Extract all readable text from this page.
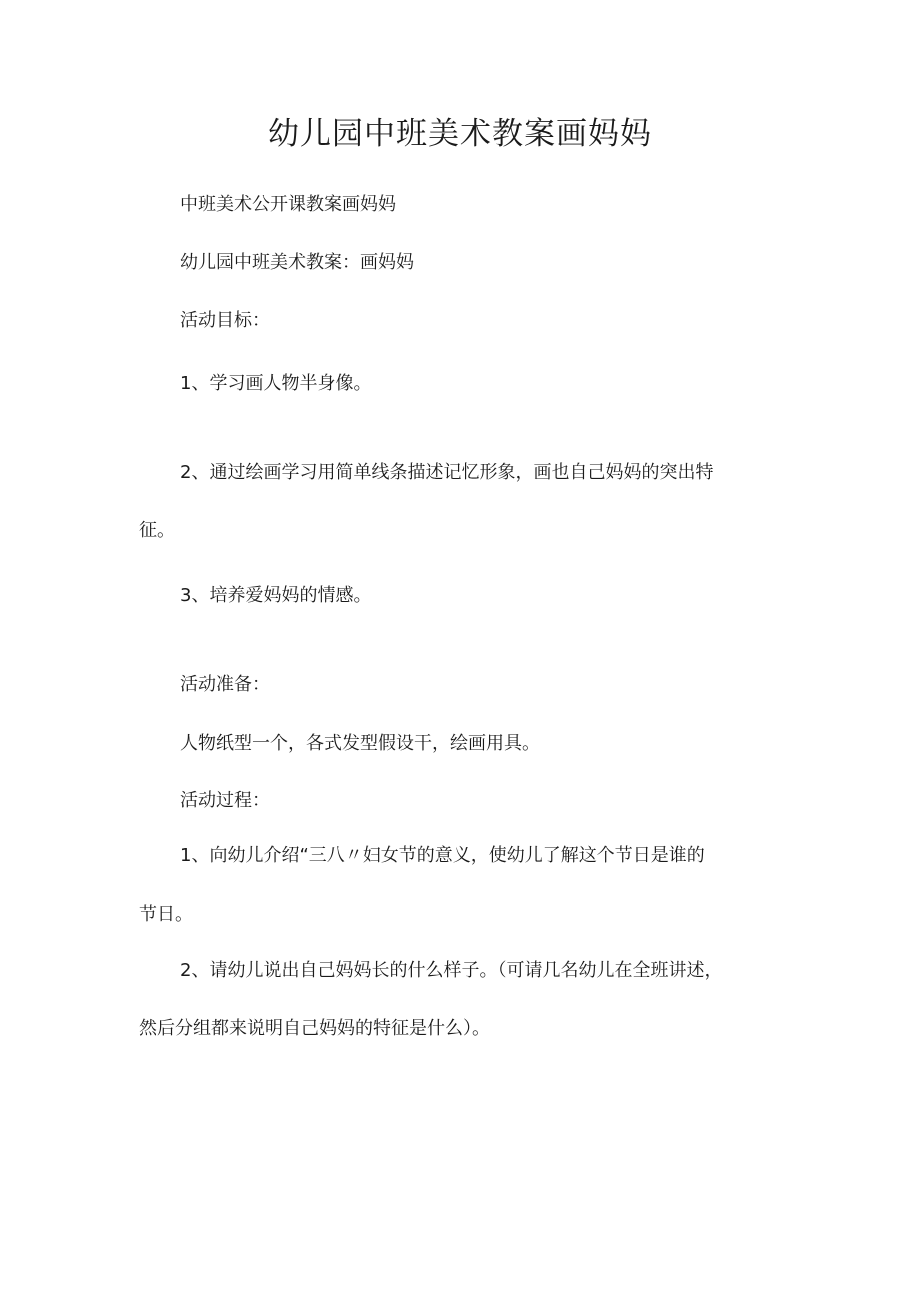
幼儿园中班美术教案画妈妈
中班美术公开课教案画妈妈
幼儿园中班美术教案：画妈妈
活动目标：
1、学习画人物半身像。
2、通过绘画学习用简单线条描述记忆形象，画也自己妈妈的突出特
征。
3、培养爱妈妈的情感。
活动准备：
人物纸型一个，各式发型假设干，绘画用具。
活动过程：
1、向幼儿介绍“三八〃妇女节的意义，使幼儿了解这个节日是谁的
节日。
2、请幼儿说出自己妈妈长的什么样子。（可请几名幼儿在全班讲述，
然后分组都来说明自己妈妈的特征是什么）。
